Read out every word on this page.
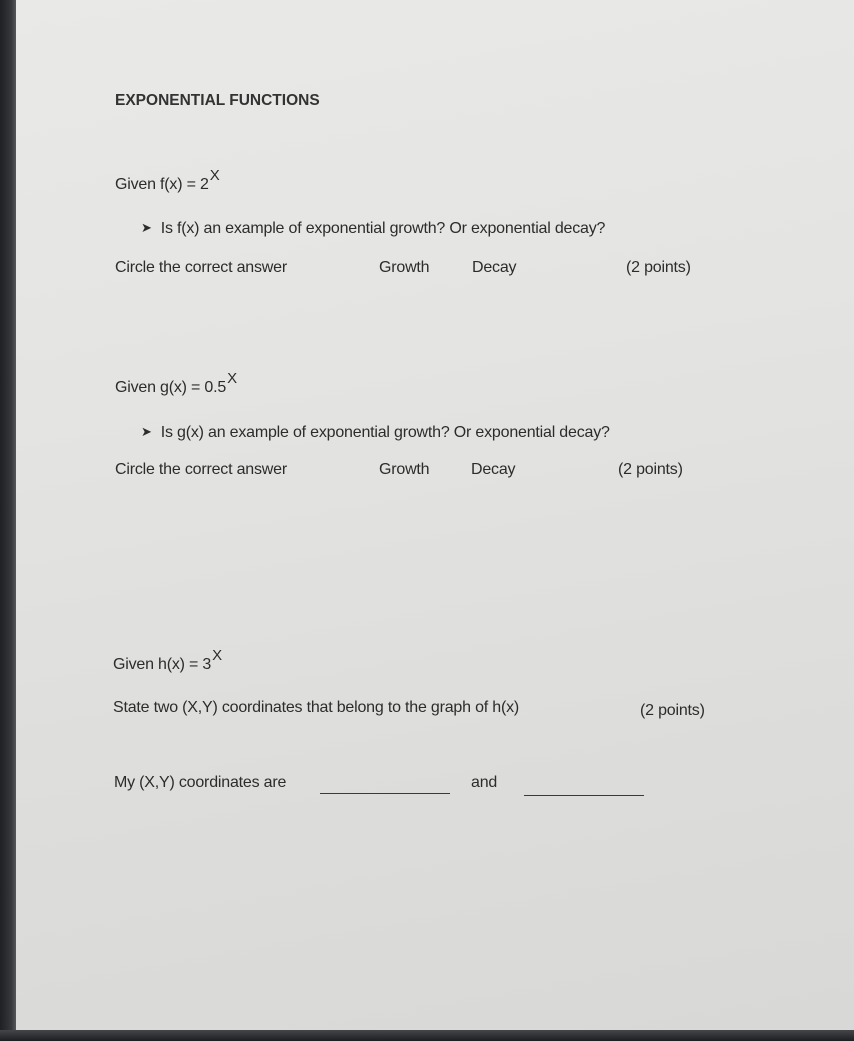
EXPONENTIAL FUNCTIONS
Given f(x) = 2X
➤ Is f(x) an example of exponential growth? Or exponential decay?
Circle the correct answer	Growth	Decay	(2 points)
Given g(x) = 0.5X
➤ Is g(x) an example of exponential growth? Or exponential decay?
Circle the correct answer	Growth	Decay	(2 points)
Given h(x) = 3X
State two (X,Y) coordinates that belong to the graph of h(x)	(2 points)
My (X,Y) coordinates are	and
